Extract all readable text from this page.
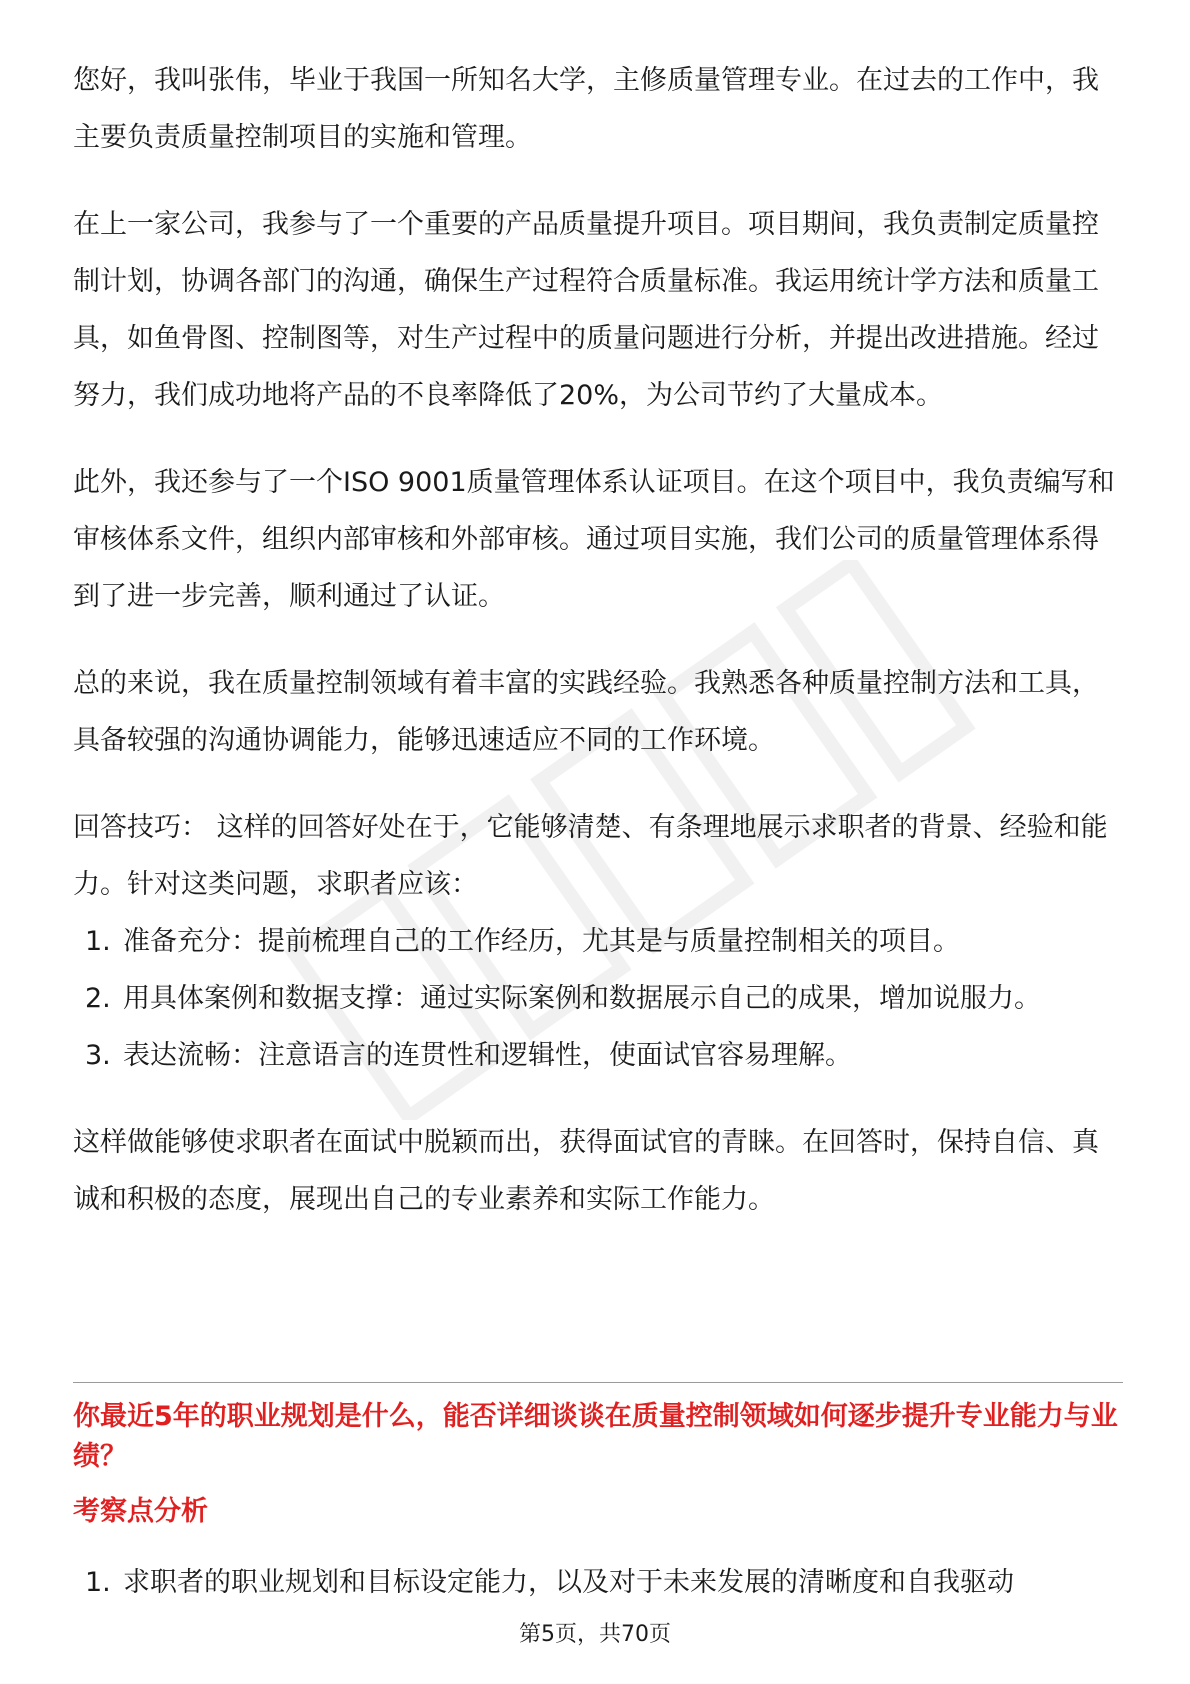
您好，我叫张伟，毕业于我国一所知名大学，主修质量管理专业。在过去的工作中，我主要负责质量控制项目的实施和管理。

在上一家公司，我参与了一个重要的产品质量提升项目。项目期间，我负责制定质量控制计划，协调各部门的沟通，确保生产过程符合质量标准。我运用统计学方法和质量工具，如鱼骨图、控制图等，对生产过程中的质量问题进行分析，并提出改进措施。经过努力，我们成功地将产品的不良率降低了20%，为公司节约了大量成本。

此外，我还参与了一个ISO 9001质量管理体系认证项目。在这个项目中，我负责编写和审核体系文件，组织内部审核和外部审核。通过项目实施，我们公司的质量管理体系得到了进一步完善，顺利通过了认证。

总的来说，我在质量控制领域有着丰富的实践经验。我熟悉各种质量控制方法和工具，具备较强的沟通协调能力，能够迅速适应不同的工作环境。

回答技巧： 这样的回答好处在于，它能够清楚、有条理地展示求职者的背景、经验和能力。针对这类问题，求职者应该：

1. 准备充分：提前梳理自己的工作经历，尤其是与质量控制相关的项目。
2. 用具体案例和数据支撑：通过实际案例和数据展示自己的成果，增加说服力。
3. 表达流畅：注意语言的连贯性和逻辑性，使面试官容易理解。

这样做能够使求职者在面试中脱颖而出，获得面试官的青睐。在回答时，保持自信、真诚和积极的态度，展现出自己的专业素养和实际工作能力。

你最近5年的职业规划是什么，能否详细谈谈在质量控制领域如何逐步提升专业能力与业绩？
考察点分析
1. 求职者的职业规划和目标设定能力，以及对于未来发展的清晰度和自我驱动
第5页，共70页
